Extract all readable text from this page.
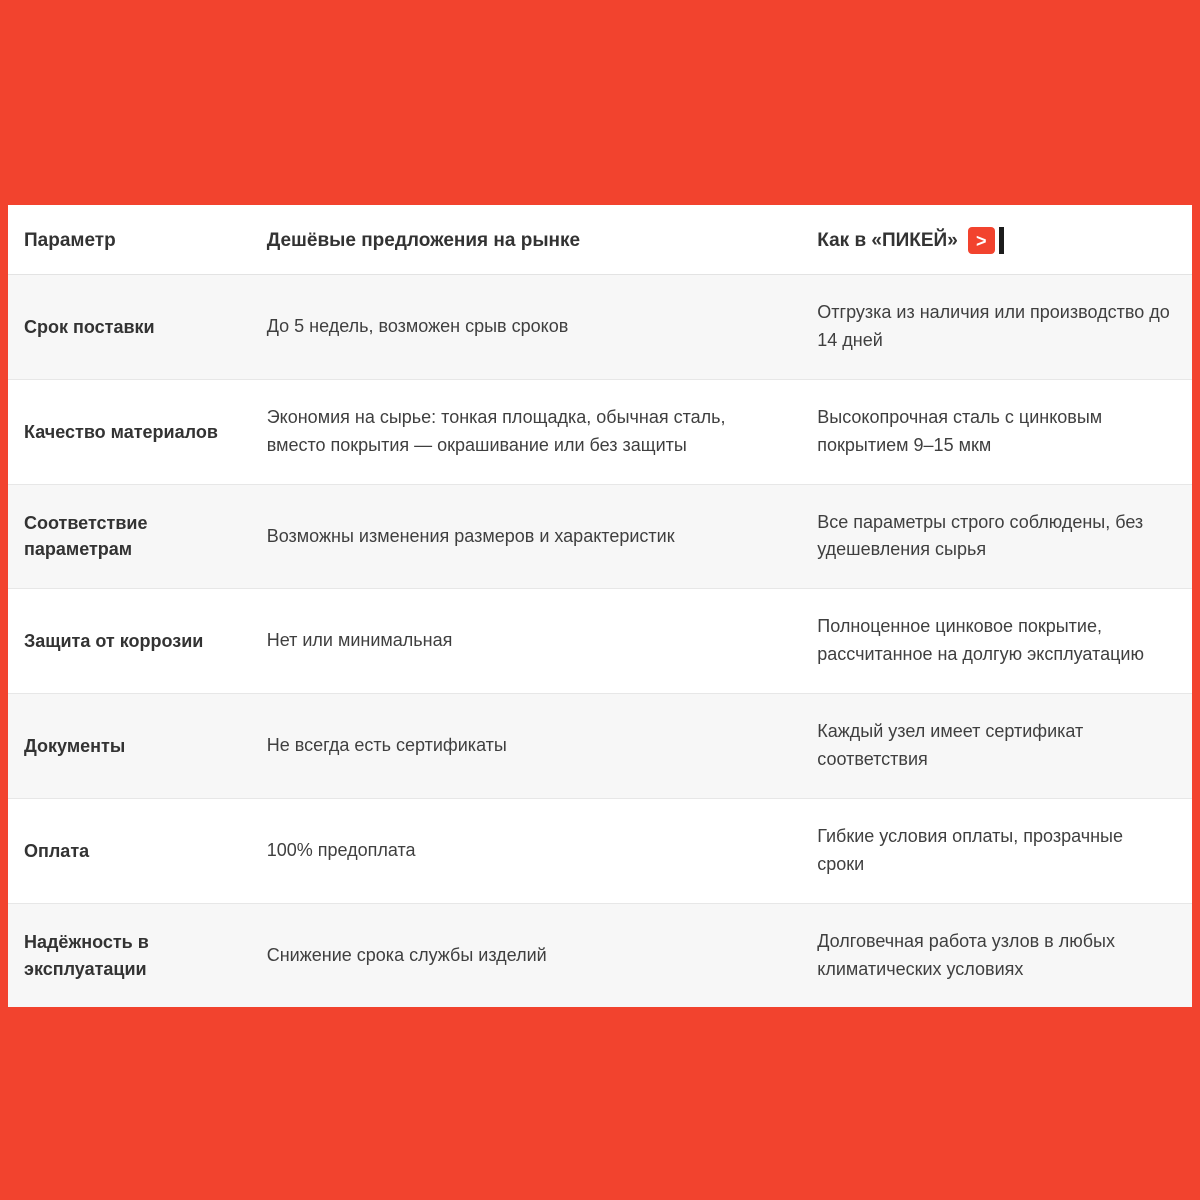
Параметр	Дешёвые предложения на рынке	Как в «ПИКЕЙ» >

Срок поставки	До 5 недель, возможен срыв сроков	Отгрузка из наличия или производство до 14 дней
Качество материалов	Экономия на сырье: тонкая площадка, обычная сталь, вместо покрытия — окрашивание или без защиты	Высокопрочная сталь с цинковым покрытием 9–15 мкм
Соответствие параметрам	Возможны изменения размеров и характеристик	Все параметры строго соблюдены, без удешевления сырья
Защита от коррозии	Нет или минимальная	Полноценное цинковое покрытие, рассчитанное на долгую эксплуатацию
Документы	Не всегда есть сертификаты	Каждый узел имеет сертификат соответствия
Оплата	100% предоплата	Гибкие условия оплаты, прозрачные сроки
Надёжность в эксплуатации	Снижение срока службы изделий	Долговечная работа узлов в любых климатических условиях
